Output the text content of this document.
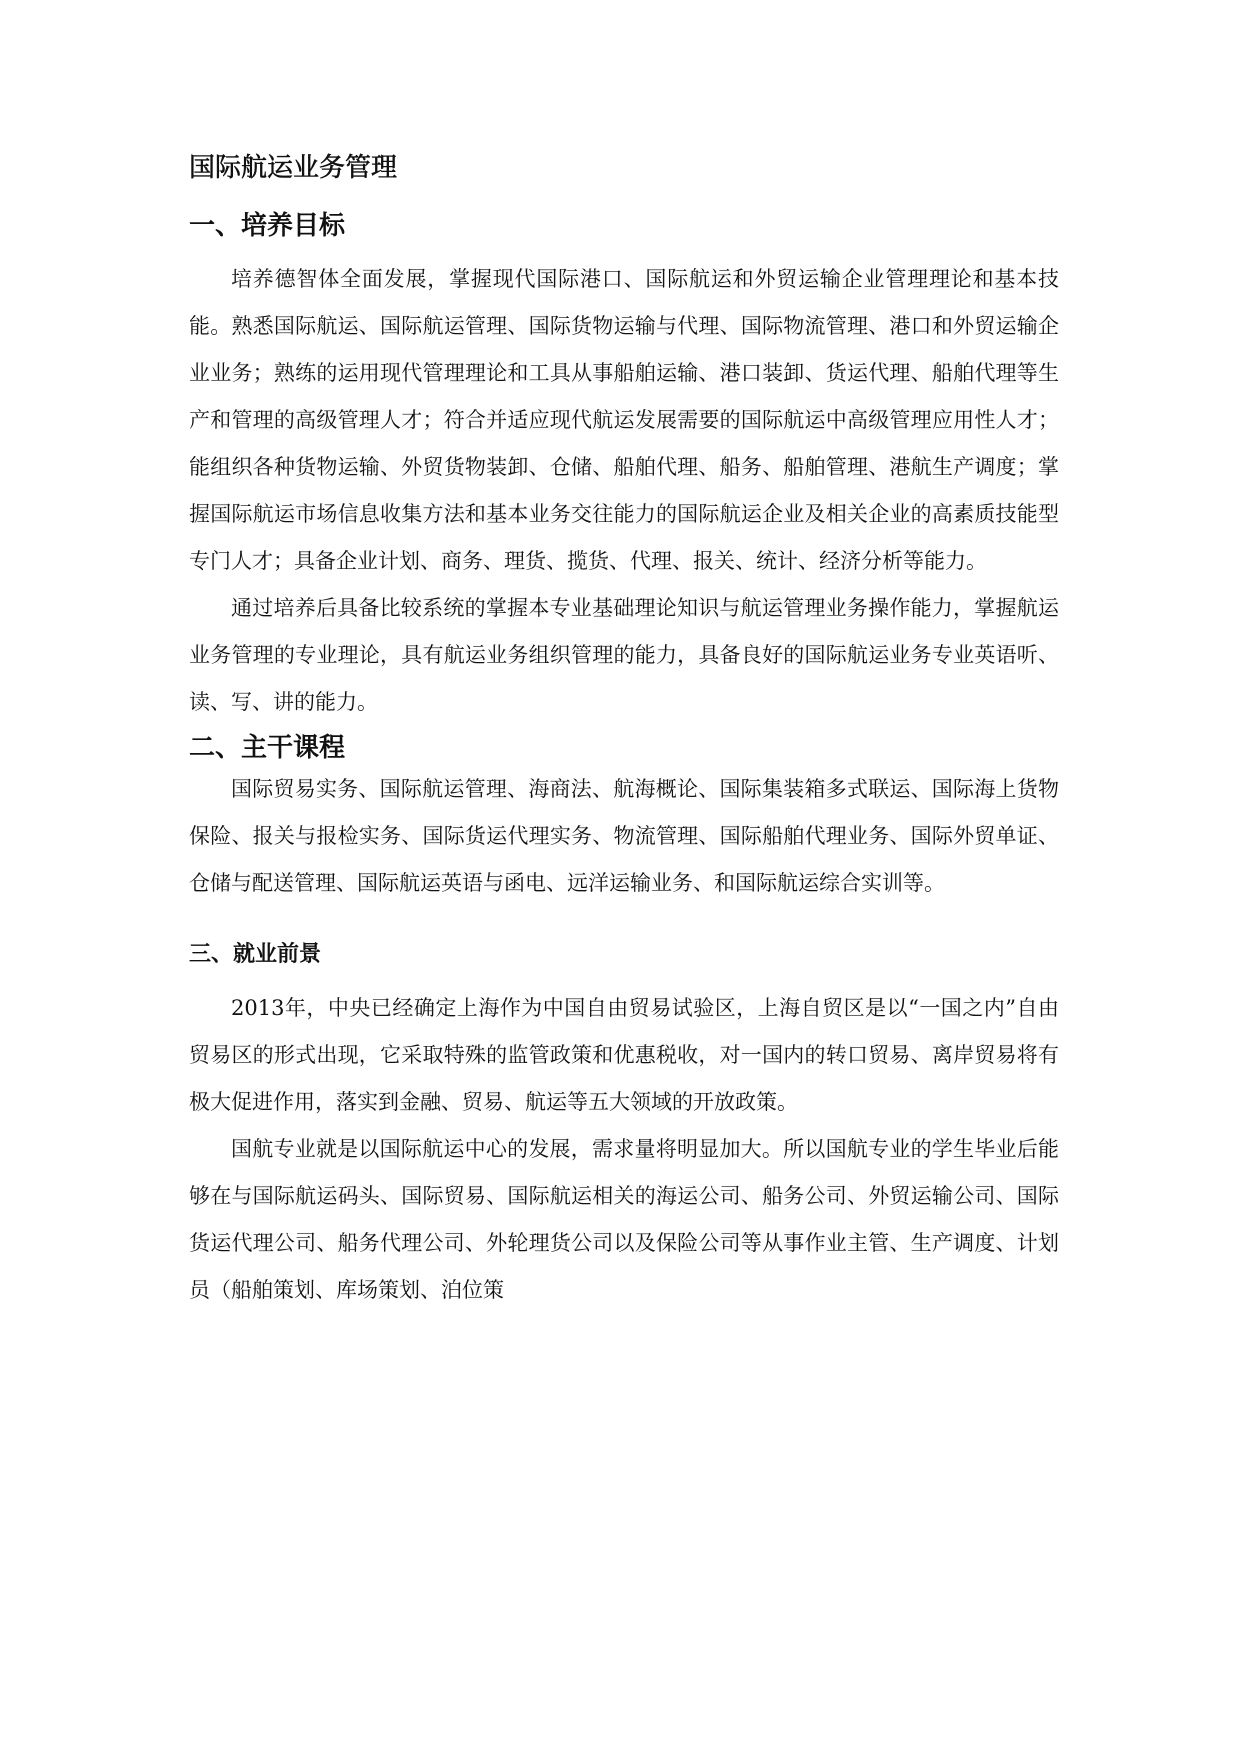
国际航运业务管理
一、培养目标

培养德智体全面发展，掌握现代国际港口、国际航运和外贸运输企业管理理论和基本技能。熟悉国际航运、国际航运管理、国际货物运输与代理、国际物流管理、港口和外贸运输企业业务；熟练的运用现代管理理论和工具从事船舶运输、港口装卸、货运代理、船舶代理等生产和管理的高级管理人才；符合并适应现代航运发展需要的国际航运中高级管理应用性人才；能组织各种货物运输、外贸货物装卸、仓储、船舶代理、船务、船舶管理、港航生产调度；掌握国际航运市场信息收集方法和基本业务交往能力的国际航运企业及相关企业的高素质技能型专门人才；具备企业计划、商务、理货、揽货、代理、报关、统计、经济分析等能力。

通过培养后具备比较系统的掌握本专业基础理论知识与航运管理业务操作能力，掌握航运业务管理的专业理论，具有航运业务组织管理的能力，具备良好的国际航运业务专业英语听、读、写、讲的能力。

二、主干课程

国际贸易实务、国际航运管理、海商法、航海概论、国际集装箱多式联运、国际海上货物保险、报关与报检实务、国际货运代理实务、物流管理、国际船舶代理业务、国际外贸单证、仓储与配送管理、国际航运英语与函电、远洋运输业务、和国际航运综合实训等。

三、就业前景

2013年，中央已经确定上海作为中国自由贸易试验区，上海自贸区是以“一国之内”自由贸易区的形式出现，它采取特殊的监管政策和优惠税收，对一国内的转口贸易、离岸贸易将有极大促进作用，落实到金融、贸易、航运等五大领域的开放政策。

国航专业就是以国际航运中心的发展，需求量将明显加大。所以国航专业的学生毕业后能够在与国际航运码头、国际贸易、国际航运相关的海运公司、船务公司、外贸运输公司、国际货运代理公司、船务代理公司、外轮理货公司以及保险公司等从事作业主管、生产调度、计划员（船舶策划、库场策划、泊位策
